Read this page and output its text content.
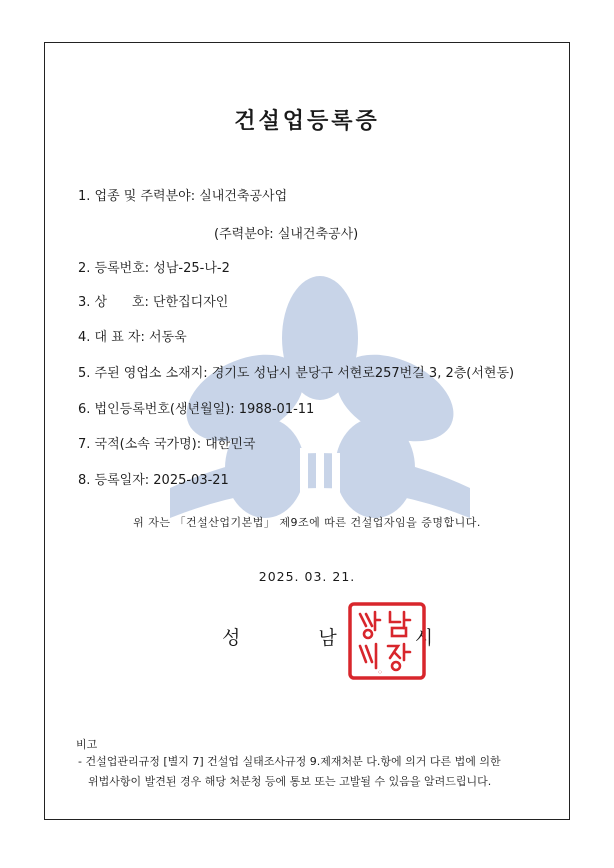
건설업등록증
1. 업종 및 주력분야: 실내건축공사업
(주력분야: 실내건축공사)
2. 등록번호: 성남-25-나-2
3. 상      호: 단한집디자인
4. 대 표 자: 서동욱
5. 주된 영업소 소재지: 경기도 성남시 분당구 서현로257번길 3, 2층(서현동)
6. 법인등록번호(생년월일): 1988-01-11
7. 국적(소속 국가명): 대한민국
8. 등록일자: 2025-03-21
위 자는 「건설산업기본법」 제9조에 따른 건설업자임을 증명합니다.
2025. 03. 21.
성 남 시
비고
- 건설업관리규정 [별지 7] 건설업 실태조사규정 9.제재처분 다.항에 의거 다른 법에 의한
위법사항이 발견된 경우 해당 처분청 등에 통보 또는 고발될 수 있음을 알려드립니다.
